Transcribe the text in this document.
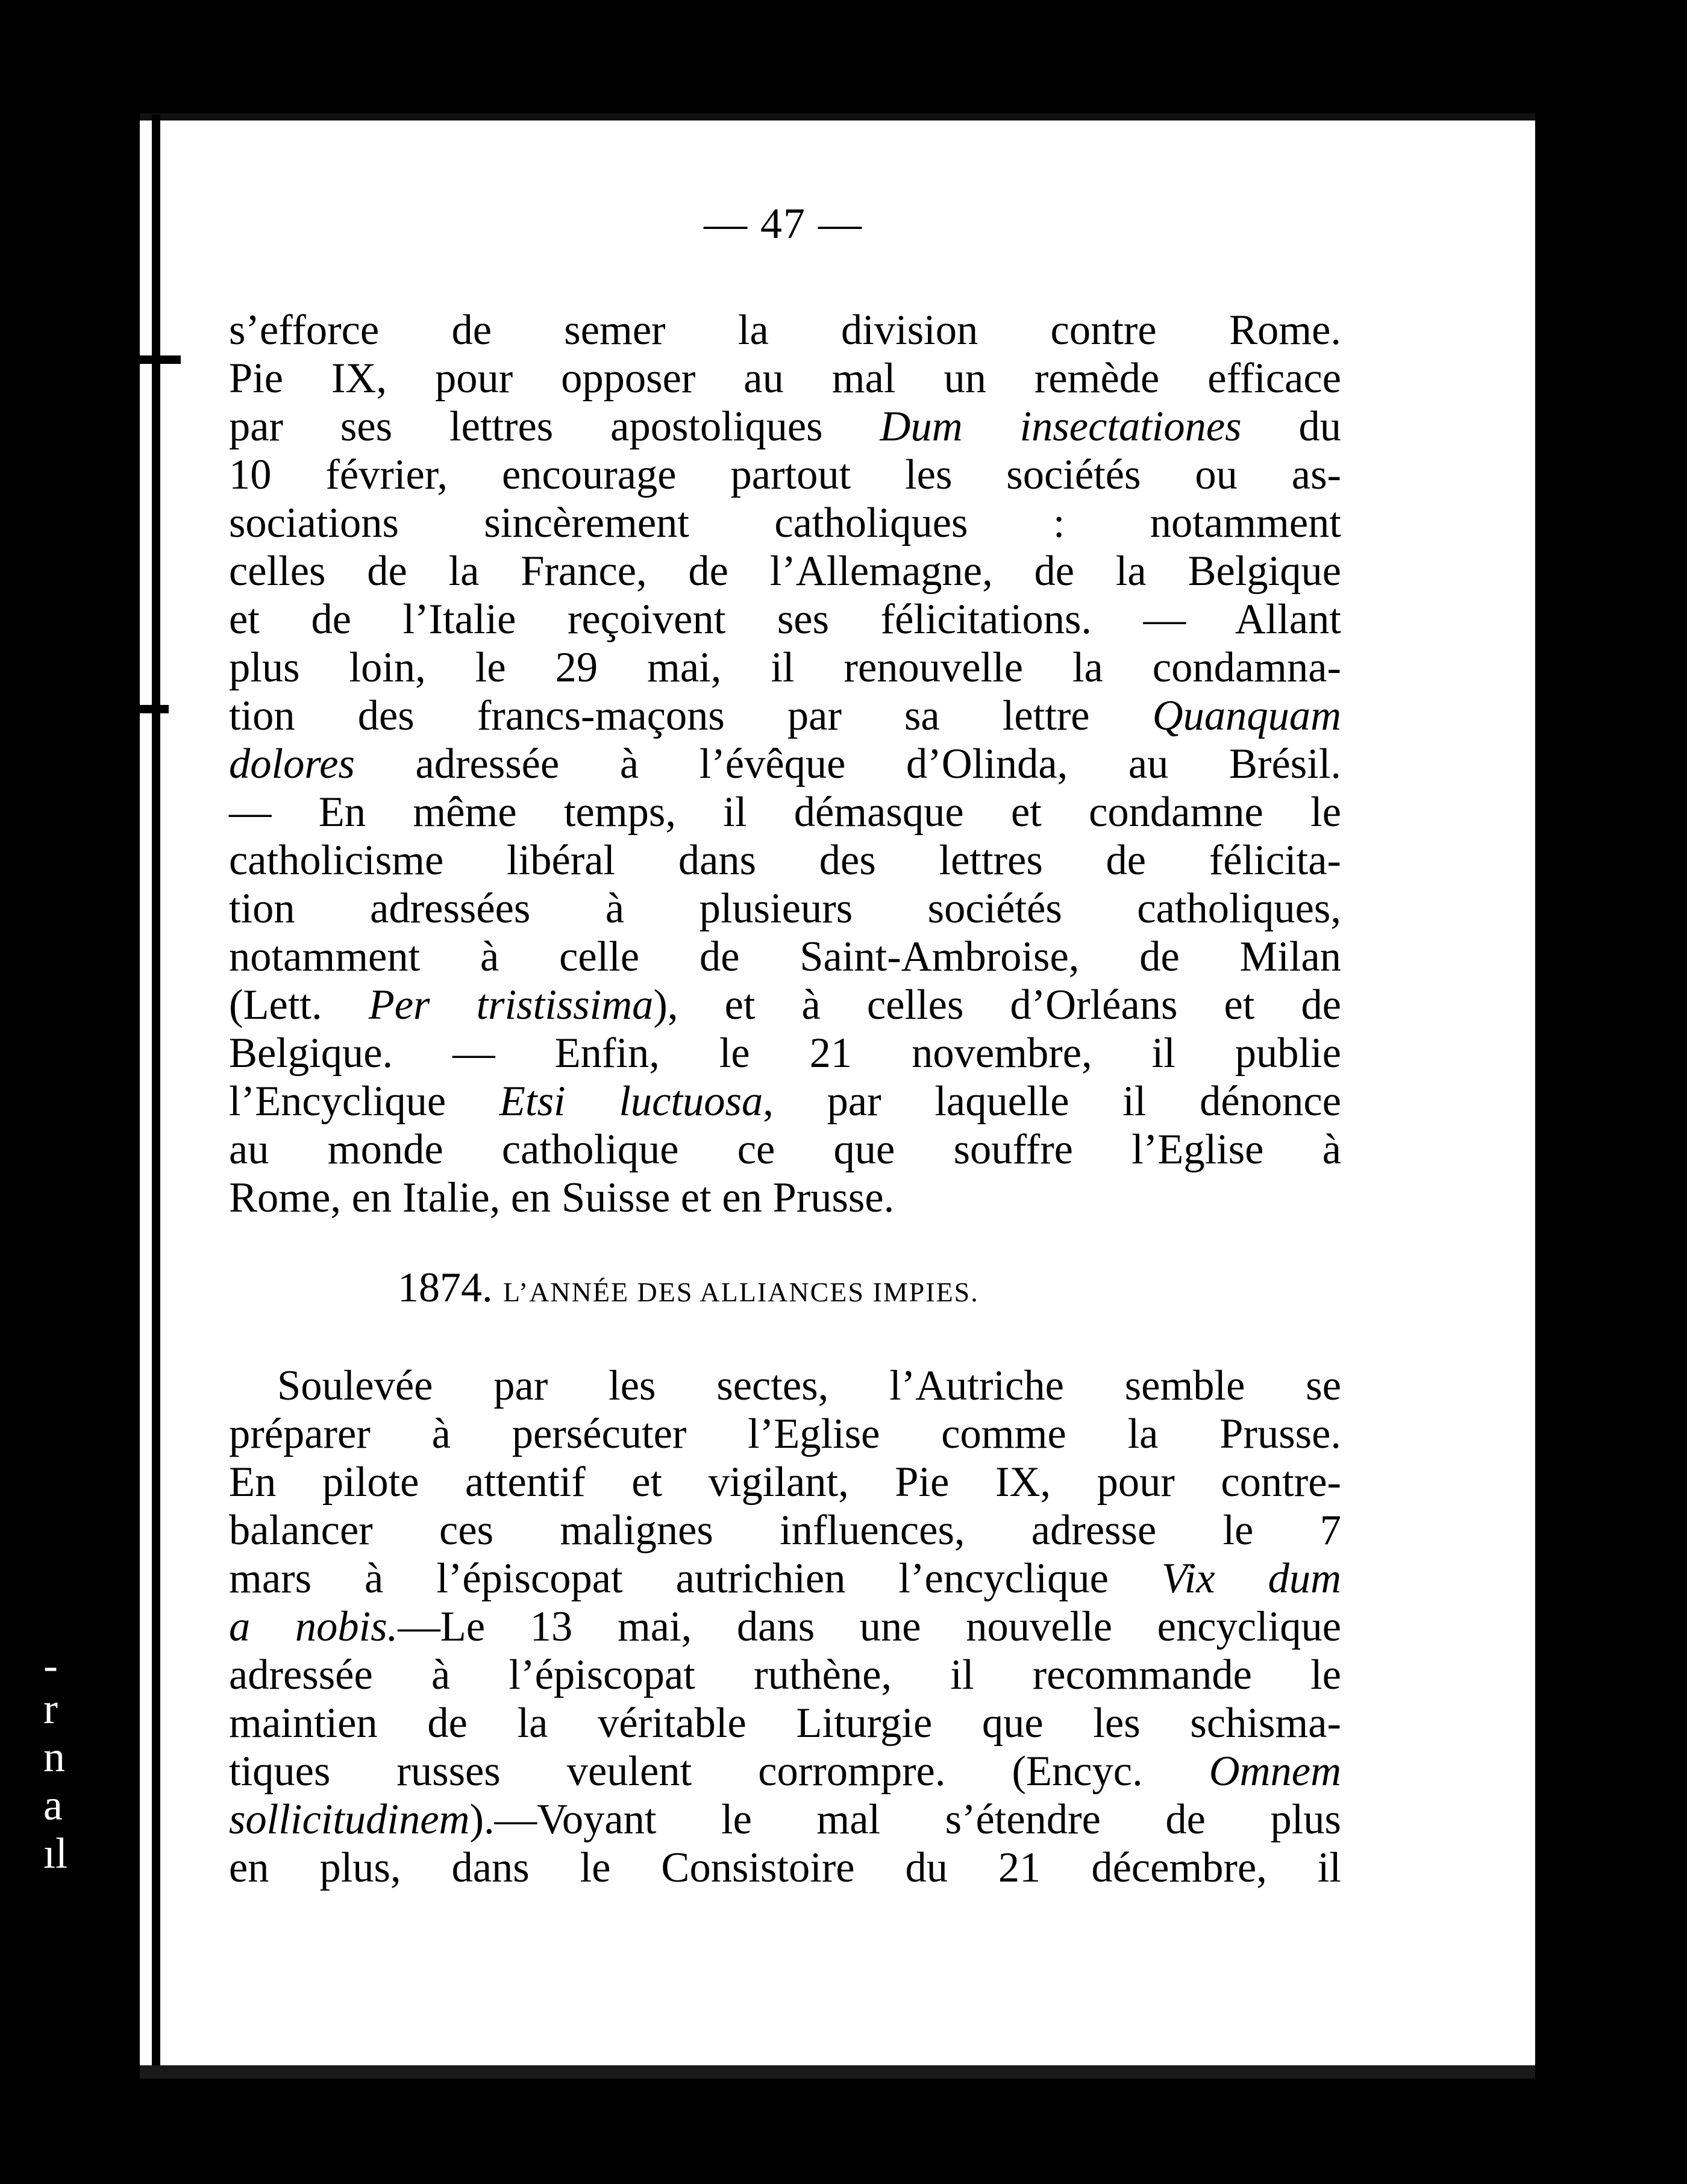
-
r
n
a
ıl
— 47 —
s’efforce de semer la division contre Rome.
Pie IX, pour opposer au mal un remède efficace
par ses lettres apostoliques Dum insectationes du
10 février, encourage partout les sociétés ou as-
sociations sincèrement catholiques : notamment
celles de la France, de l’Allemagne, de la Belgique
et de l’Italie reçoivent ses félicitations. — Allant
plus loin, le 29 mai, il renouvelle la condamna-
tion des francs-maçons par sa lettre Quanquam
dolores adressée à l’évêque d’Olinda, au Brésil.
— En même temps, il démasque et condamne le
catholicisme libéral dans des lettres de félicita-
tion adressées à plusieurs sociétés catholiques,
notamment à celle de Saint-Ambroise, de Milan
(Lett. Per tristissima), et à celles d’Orléans et de
Belgique. — Enfin, le 21 novembre, il publie
l’Encyclique Etsi luctuosa, par laquelle il dénonce
au monde catholique ce que souffre l’Eglise à
Rome, en Italie, en Suisse et en Prusse.
1874. L’ANNÉE DES ALLIANCES IMPIES.
Soulevée par les sectes, l’Autriche semble se
préparer à persécuter l’Eglise comme la Prusse.
En pilote attentif et vigilant, Pie IX, pour contre-
balancer ces malignes influences, adresse le 7
mars à l’épiscopat autrichien l’encyclique Vix dum
a nobis.—Le 13 mai, dans une nouvelle encyclique
adressée à l’épiscopat ruthène, il recommande le
maintien de la véritable Liturgie que les schisma-
tiques russes veulent corrompre. (Encyc. Omnem
sollicitudinem).—Voyant le mal s’étendre de plus
en plus, dans le Consistoire du 21 décembre, il
